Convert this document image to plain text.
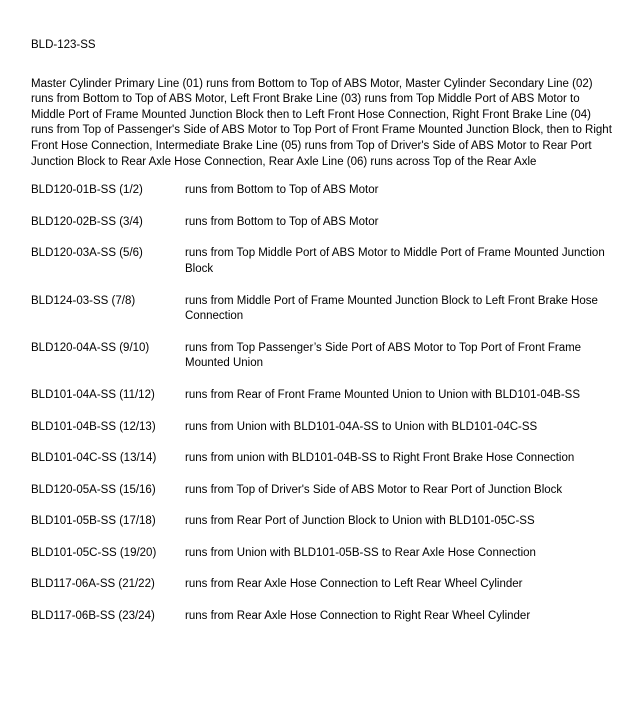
BLD-123-SS
Master Cylinder Primary Line (01) runs from Bottom to Top of ABS Motor, Master Cylinder Secondary Line (02) runs from Bottom to Top of ABS Motor, Left Front Brake Line (03) runs from Top Middle Port of ABS Motor to Middle Port of Frame Mounted Junction Block then to Left Front Hose Connection, Right Front Brake Line (04) runs from Top of Passenger's Side of ABS Motor to Top Port of Front Frame Mounted Junction Block, then to Right Front Hose Connection, Intermediate Brake Line (05) runs from Top of Driver's Side of ABS Motor to Rear Port Junction Block to Rear Axle Hose Connection, Rear Axle Line (06) runs across Top of the Rear Axle
BLD120-01B-SS (1/2)	runs from Bottom to Top of ABS Motor
BLD120-02B-SS (3/4)	runs from Bottom to Top of ABS Motor
BLD120-03A-SS (5/6)	runs from Top Middle Port of ABS Motor to Middle Port of Frame Mounted Junction Block
BLD124-03-SS (7/8)	runs from Middle Port of Frame Mounted Junction Block to Left Front Brake Hose Connection
BLD120-04A-SS (9/10)	runs from Top Passenger’s Side Port of ABS Motor to Top Port of Front Frame Mounted Union
BLD101-04A-SS (11/12)	runs from Rear of Front Frame Mounted Union to Union with BLD101-04B-SS
BLD101-04B-SS (12/13)	runs from Union with BLD101-04A-SS to Union with BLD101-04C-SS
BLD101-04C-SS (13/14)	runs from union with BLD101-04B-SS to Right Front Brake Hose Connection
BLD120-05A-SS (15/16)	runs from Top of Driver's Side of ABS Motor to Rear Port of Junction Block
BLD101-05B-SS (17/18)	runs from Rear Port of Junction Block to Union with BLD101-05C-SS
BLD101-05C-SS (19/20)	runs from Union with BLD101-05B-SS to Rear Axle Hose Connection
BLD117-06A-SS (21/22)	runs from Rear Axle Hose Connection to Left Rear Wheel Cylinder
BLD117-06B-SS (23/24)	runs from Rear Axle Hose Connection to Right Rear Wheel Cylinder
